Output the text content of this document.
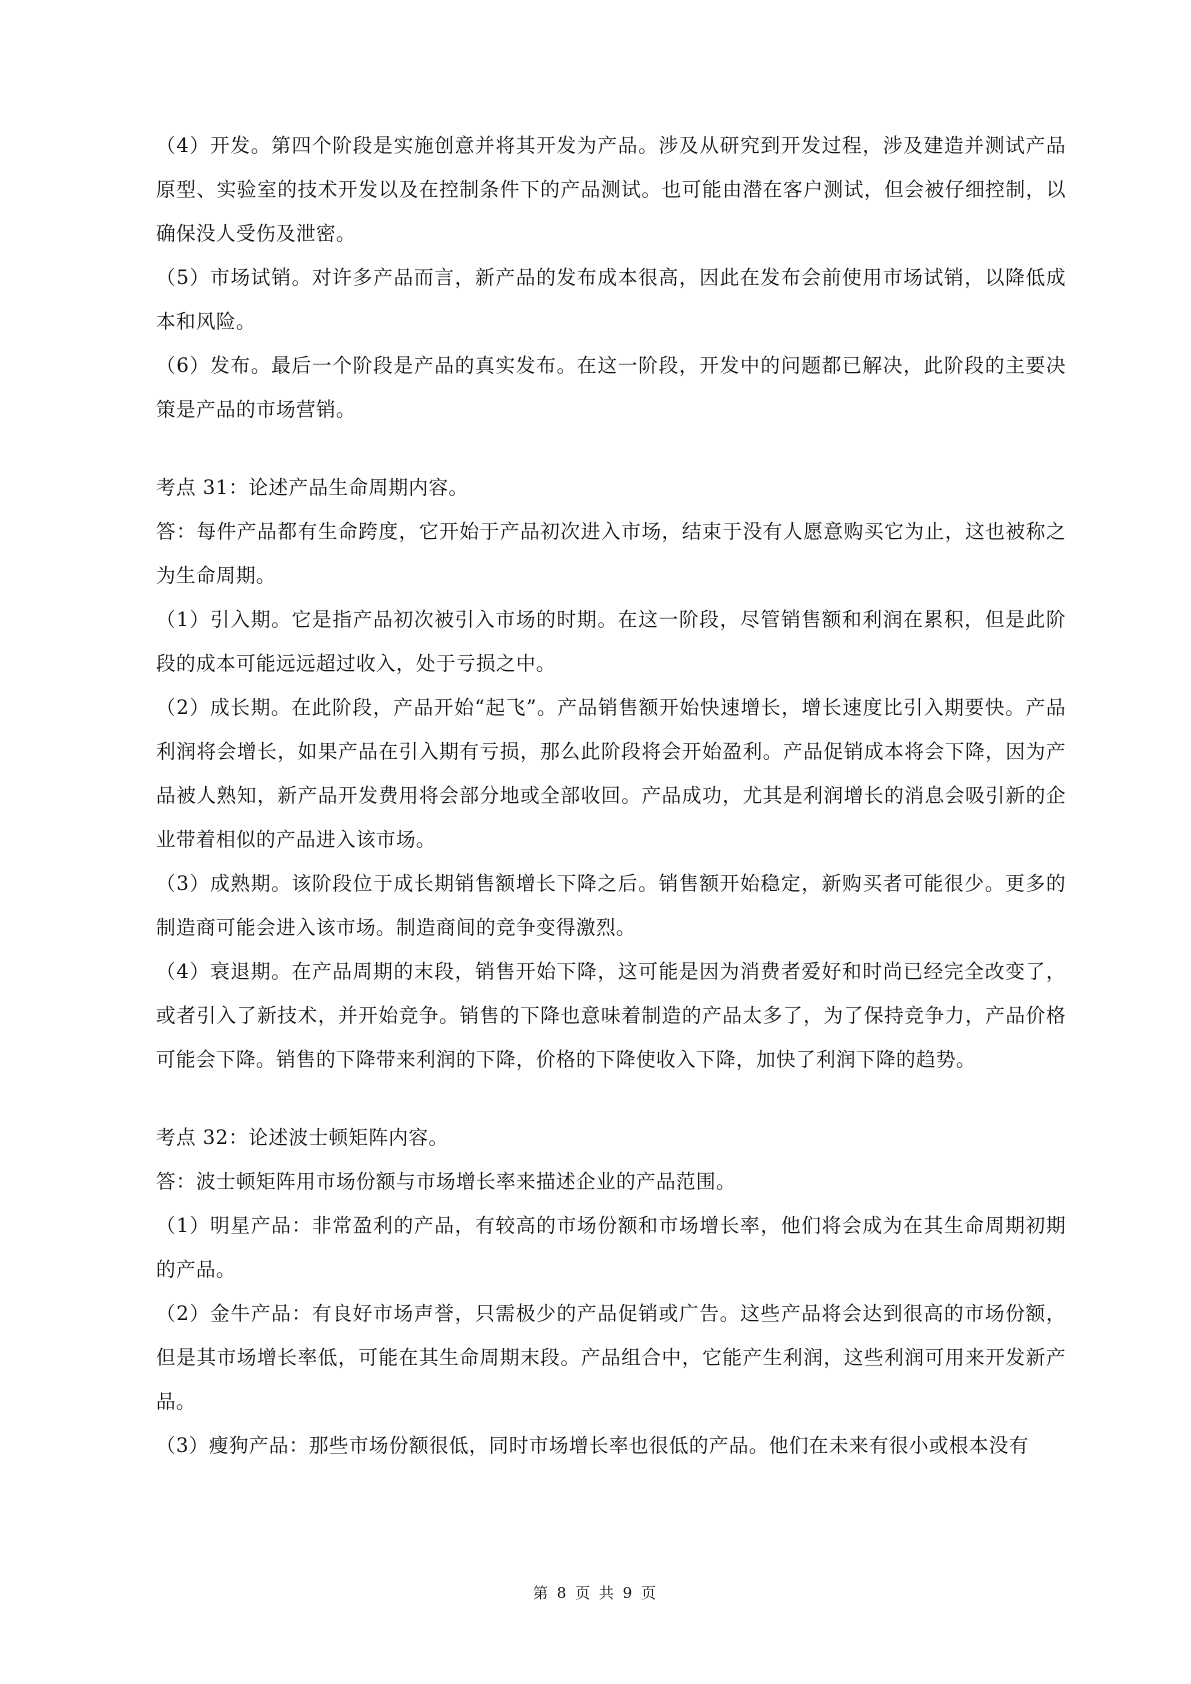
（4）开发。第四个阶段是实施创意并将其开发为产品。涉及从研究到开发过程，涉及建造并测试产品原型、实验室的技术开发以及在控制条件下的产品测试。也可能由潜在客户测试，但会被仔细控制，以确保没人受伤及泄密。

（5）市场试销。对许多产品而言，新产品的发布成本很高，因此在发布会前使用市场试销，以降低成本和风险。

（6）发布。最后一个阶段是产品的真实发布。在这一阶段，开发中的问题都已解决，此阶段的主要决策是产品的市场营销。

考点 31：论述产品生命周期内容。

答：每件产品都有生命跨度，它开始于产品初次进入市场，结束于没有人愿意购买它为止，这也被称之为生命周期。

（1）引入期。它是指产品初次被引入市场的时期。在这一阶段，尽管销售额和利润在累积，但是此阶段的成本可能远远超过收入，处于亏损之中。

（2）成长期。在此阶段，产品开始“起飞”。产品销售额开始快速增长，增长速度比引入期要快。产品利润将会增长，如果产品在引入期有亏损，那么此阶段将会开始盈利。产品促销成本将会下降，因为产品被人熟知，新产品开发费用将会部分地或全部收回。产品成功，尤其是利润增长的消息会吸引新的企业带着相似的产品进入该市场。

（3）成熟期。该阶段位于成长期销售额增长下降之后。销售额开始稳定，新购买者可能很少。更多的制造商可能会进入该市场。制造商间的竞争变得激烈。

（4）衰退期。在产品周期的末段，销售开始下降，这可能是因为消费者爱好和时尚已经完全改变了，或者引入了新技术，并开始竞争。销售的下降也意味着制造的产品太多了，为了保持竞争力，产品价格可能会下降。销售的下降带来利润的下降，价格的下降使收入下降，加快了利润下降的趋势。

考点 32：论述波士顿矩阵内容。

答：波士顿矩阵用市场份额与市场增长率来描述企业的产品范围。

（1）明星产品：非常盈利的产品，有较高的市场份额和市场增长率，他们将会成为在其生命周期初期的产品。

（2）金牛产品：有良好市场声誉，只需极少的产品促销或广告。这些产品将会达到很高的市场份额，但是其市场增长率低，可能在其生命周期末段。产品组合中，它能产生利润，这些利润可用来开发新产品。

（3）瘦狗产品：那些市场份额很低，同时市场增长率也很低的产品。他们在未来有很小或根本没有

第 8 页 共 9 页
